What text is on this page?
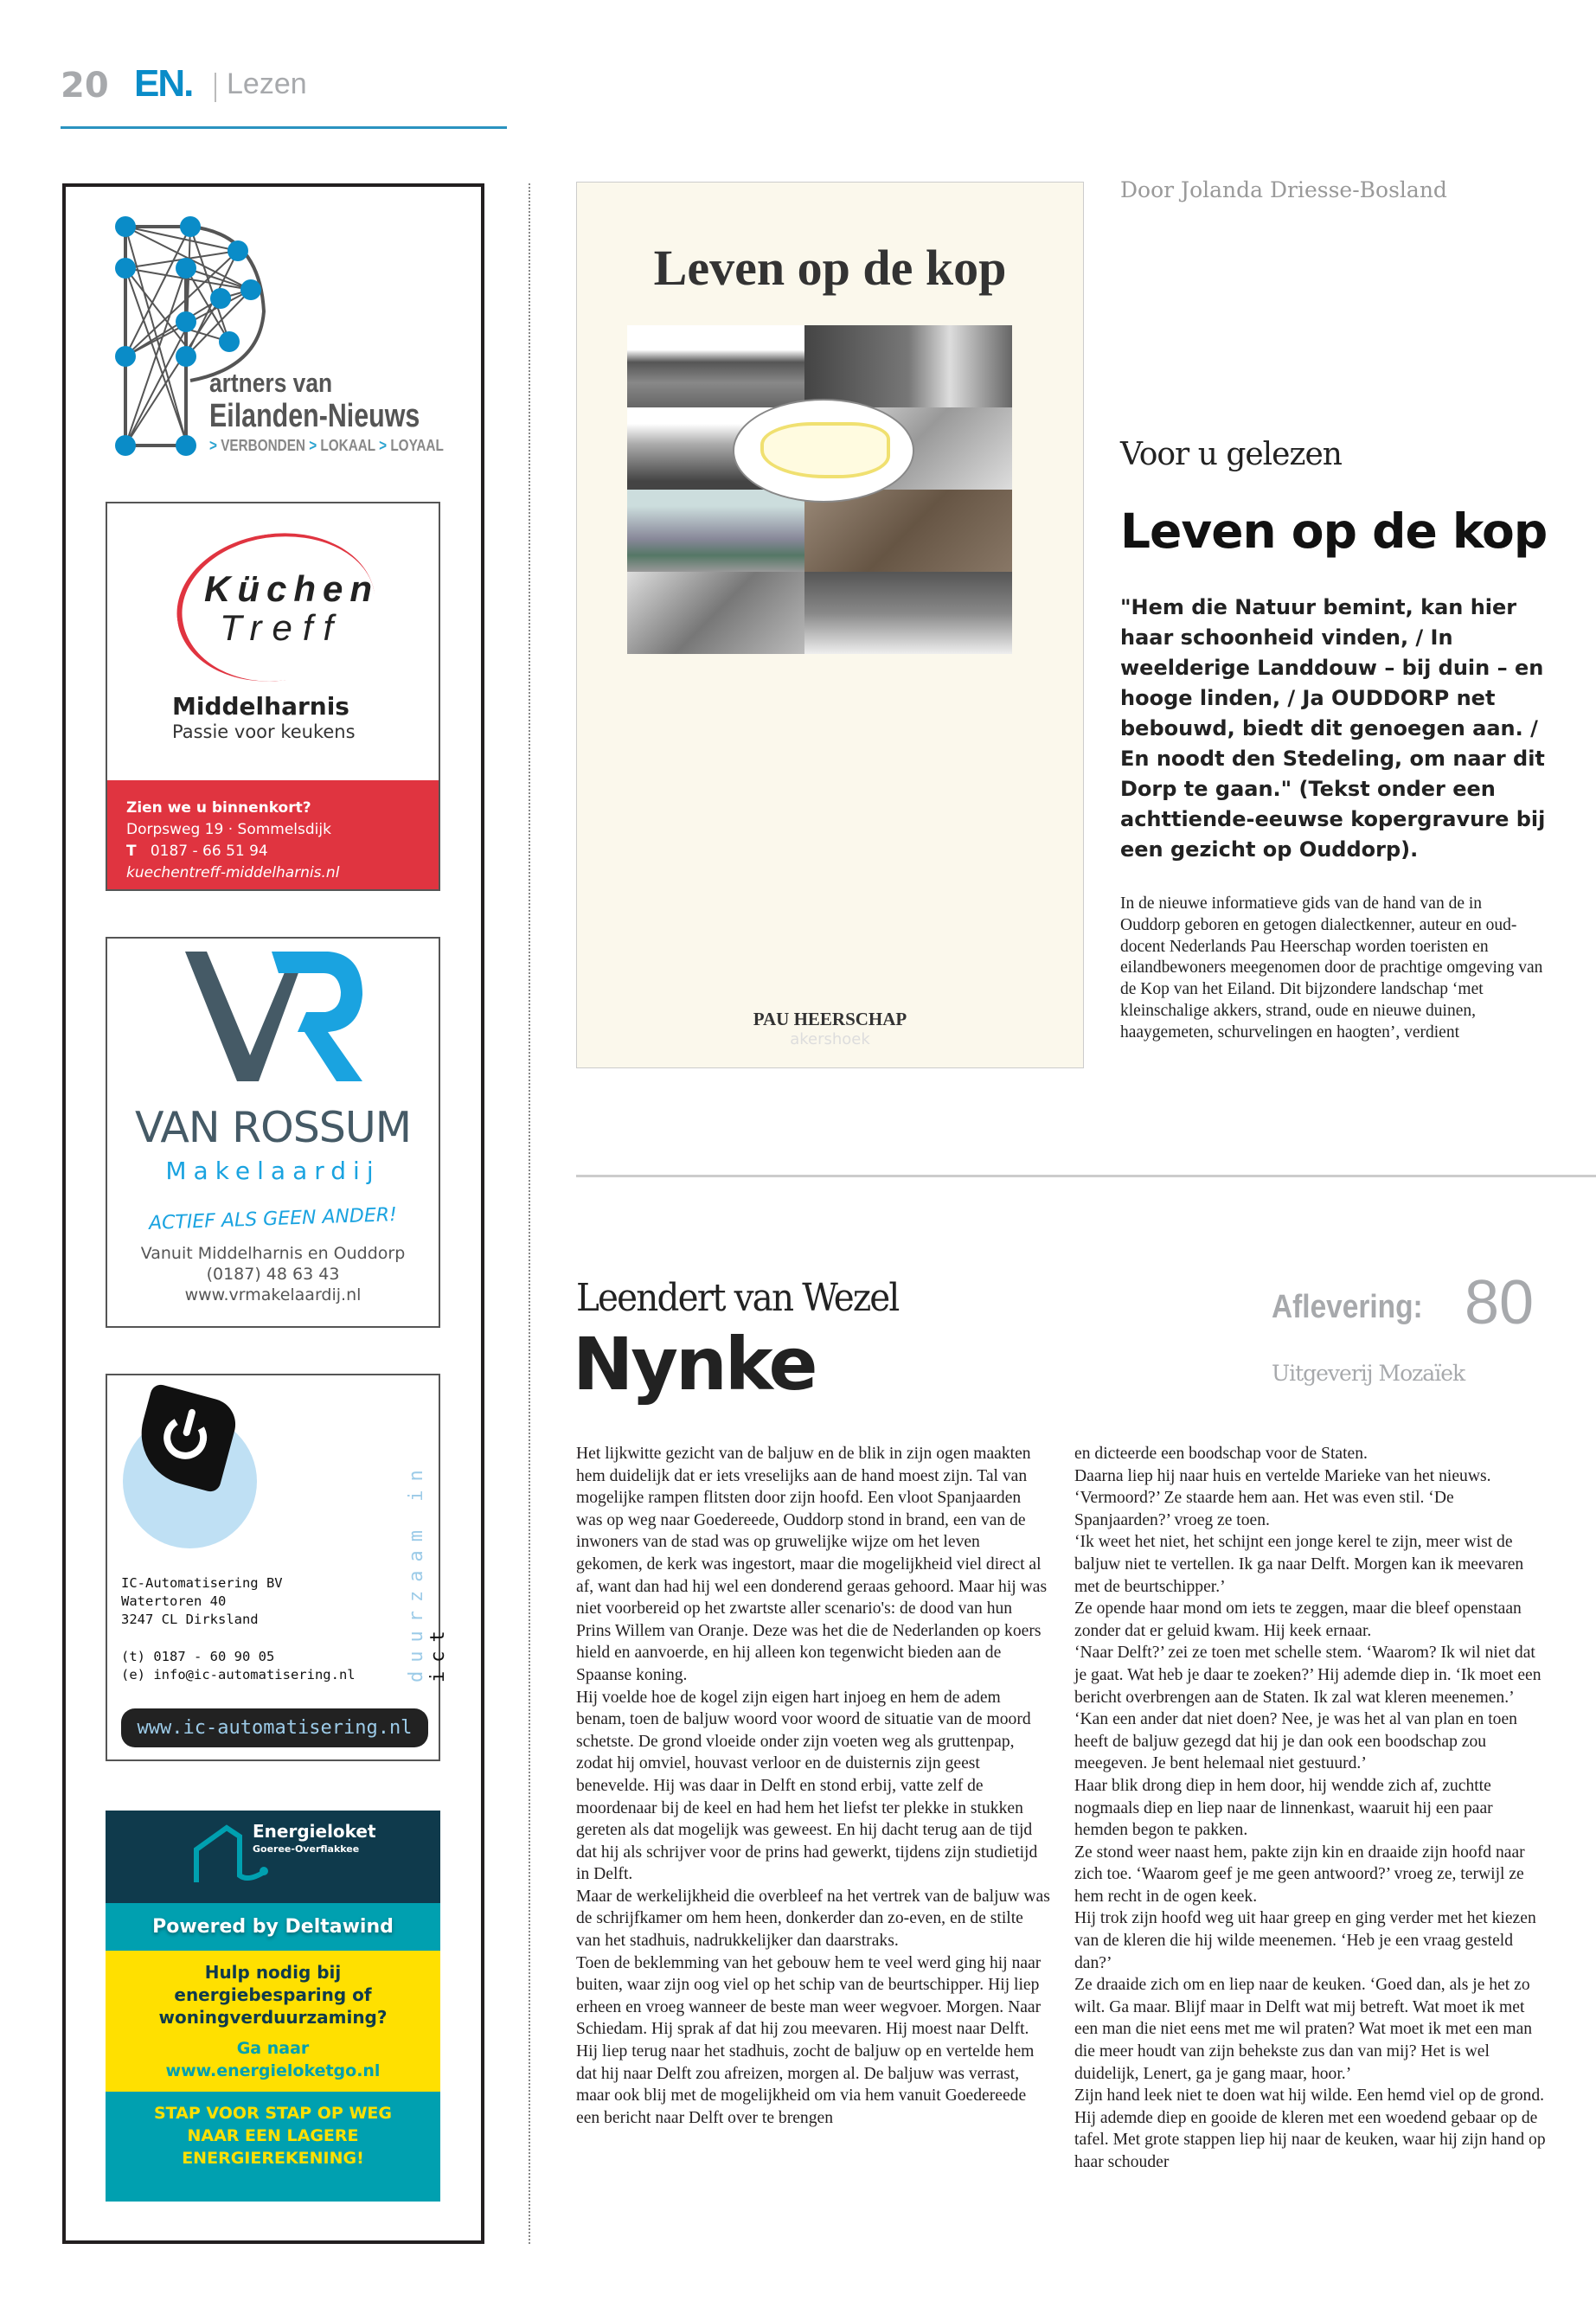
20 EN. Lezen
artners van
Eilanden-Nieuws
> VERBONDEN > LOKAAL > LOYAAL
Küchen
Treff
Middelharnis
Passie voor keukens
Zien we u binnenkort?
Dorpsweg 19 · Sommelsdijk
T 0187 - 66 51 94
kuechentreff-middelharnis.nl
VAN ROSSUM
Makelaardij
ACTIEF ALS GEEN ANDER!
Vanuit Middelharnis en Ouddorp
(0187) 48 63 43
www.vrmakelaardij.nl
duurzaam in ict
IC-Automatisering BV
Watertoren 40
3247 CL Dirksland
(t) 0187 - 60 90 05
(e) info@ic-automatisering.nl
www.ic-automatisering.nl
Energieloket
Goeree-Overflakkee
Powered by Deltawind
Hulp nodig bij energiebesparing of woningverduurzaming?
Ga naar
www.energieloketgo.nl
STAP VOOR STAP OP WEG NAAR EEN LAGERE ENERGIEREKENING!
Leven op de kop
PAU HEERSCHAP
akershoek
Door Jolanda Driesse-Bosland
Voor u gelezen
Leven op de kop
"Hem die Natuur bemint, kan hier haar schoonheid vinden, / In weelderige Landdouw – bij duin – en hooge linden, / Ja OUDDORP net bebouwd, biedt dit genoegen aan. / En noodt den Stedeling, om naar dit Dorp te gaan." (Tekst onder een achttiende-eeuwse kopergravure bij een gezicht op Ouddorp).
In de nieuwe informatieve gids van de hand van de in Ouddorp geboren en getogen dialectkenner, auteur en oud-docent Nederlands Pau Heerschap worden toeristen en eilandbewoners meegenomen door de prachtige omgeving van de Kop van het Eiland. Dit bijzondere landschap ‘met kleinschalige akkers, strand, oude en nieuwe duinen, haaygemeten, schurvelingen en haogten’, verdient
Leendert van Wezel
Nynke
Aflevering: 80
Uitgeverij Mozaïek

Het lijkwitte gezicht van de baljuw en de blik in zijn ogen maakten hem duidelijk dat er iets vreselijks aan de hand moest zijn. Tal van mogelijke rampen flitsten door zijn hoofd. Een vloot Spanjaarden was op weg naar Goedereede, Ouddorp stond in brand, een van de inwoners van de stad was op gruwelijke wijze om het leven gekomen, de kerk was ingestort, maar die mogelijkheid viel direct al af, want dan had hij wel een donderend geraas gehoord. Maar hij was niet voorbereid op het zwartste aller scenario's: de dood van hun Prins Willem van Oranje. Deze was het die de Nederlanden op koers hield en aanvoerde, en hij alleen kon tegenwicht bieden aan de Spaanse koning.

Hij voelde hoe de kogel zijn eigen hart injoeg en hem de adem benam, toen de baljuw woord voor woord de situatie van de moord schetste. De grond vloeide onder zijn voeten weg als gruttenpap, zodat hij omviel, houvast verloor en de duisternis zijn geest benevelde. Hij was daar in Delft en stond erbij, vatte zelf de moordenaar bij de keel en had hem het liefst ter plekke in stukken gereten als dat mogelijk was geweest. En hij dacht terug aan de tijd dat hij als schrijver voor de prins had gewerkt, tijdens zijn studietijd in Delft.

Maar de werkelijkheid die overbleef na het vertrek van de baljuw was de schrijfkamer om hem heen, donkerder dan zo-even, en de stilte van het stadhuis, nadrukkelijker dan daarstraks.

Toen de beklemming van het gebouw hem te veel werd ging hij naar buiten, waar zijn oog viel op het schip van de beurtschipper. Hij liep erheen en vroeg wanneer de beste man weer wegvoer. Morgen. Naar Schiedam. Hij sprak af dat hij zou meevaren. Hij moest naar Delft. Hij liep terug naar het stadhuis, zocht de baljuw op en vertelde hem dat hij naar Delft zou afreizen, morgen al. De baljuw was verrast, maar ook blij met de mogelijkheid om via hem vanuit Goedereede een bericht naar Delft over te brengen

en dicteerde een boodschap voor de Staten.

Daarna liep hij naar huis en vertelde Marieke van het nieuws.

‘Vermoord?’ Ze staarde hem aan. Het was even stil. ‘De Spanjaarden?’ vroeg ze toen.

‘Ik weet het niet, het schijnt een jonge kerel te zijn, meer wist de baljuw niet te vertellen. Ik ga naar Delft. Morgen kan ik meevaren met de beurtschipper.’

Ze opende haar mond om iets te zeggen, maar die bleef openstaan zonder dat er geluid kwam. Hij keek ernaar.

‘Naar Delft?’ zei ze toen met schelle stem. ‘Waarom? Ik wil niet dat je gaat. Wat heb je daar te zoeken?’ Hij ademde diep in. ‘Ik moet een bericht overbrengen aan de Staten. Ik zal wat kleren meenemen.’

‘Kan een ander dat niet doen? Nee, je was het al van plan en toen heeft de baljuw gezegd dat hij je dan ook een boodschap zou meegeven. Je bent helemaal niet gestuurd.’

Haar blik drong diep in hem door, hij wendde zich af, zuchtte nogmaals diep en liep naar de linnenkast, waaruit hij een paar hemden begon te pakken.

Ze stond weer naast hem, pakte zijn kin en draaide zijn hoofd naar zich toe. ‘Waarom geef je me geen antwoord?’ vroeg ze, terwijl ze hem recht in de ogen keek.

Hij trok zijn hoofd weg uit haar greep en ging verder met het kiezen van de kleren die hij wilde meenemen. ‘Heb je een vraag gesteld dan?’

Ze draaide zich om en liep naar de keuken. ‘Goed dan, als je het zo wilt. Ga maar. Blijf maar in Delft wat mij betreft. Wat moet ik met een man die niet eens met me wil praten? Wat moet ik met een man die meer houdt van zijn behekste zus dan van mij? Het is wel duidelijk, Lenert, ga je gang maar, hoor.’

Zijn hand leek niet te doen wat hij wilde. Een hemd viel op de grond. Hij ademde diep en gooide de kleren met een woedend gebaar op de tafel. Met grote stappen liep hij naar de keuken, waar hij zijn hand op haar schouder
